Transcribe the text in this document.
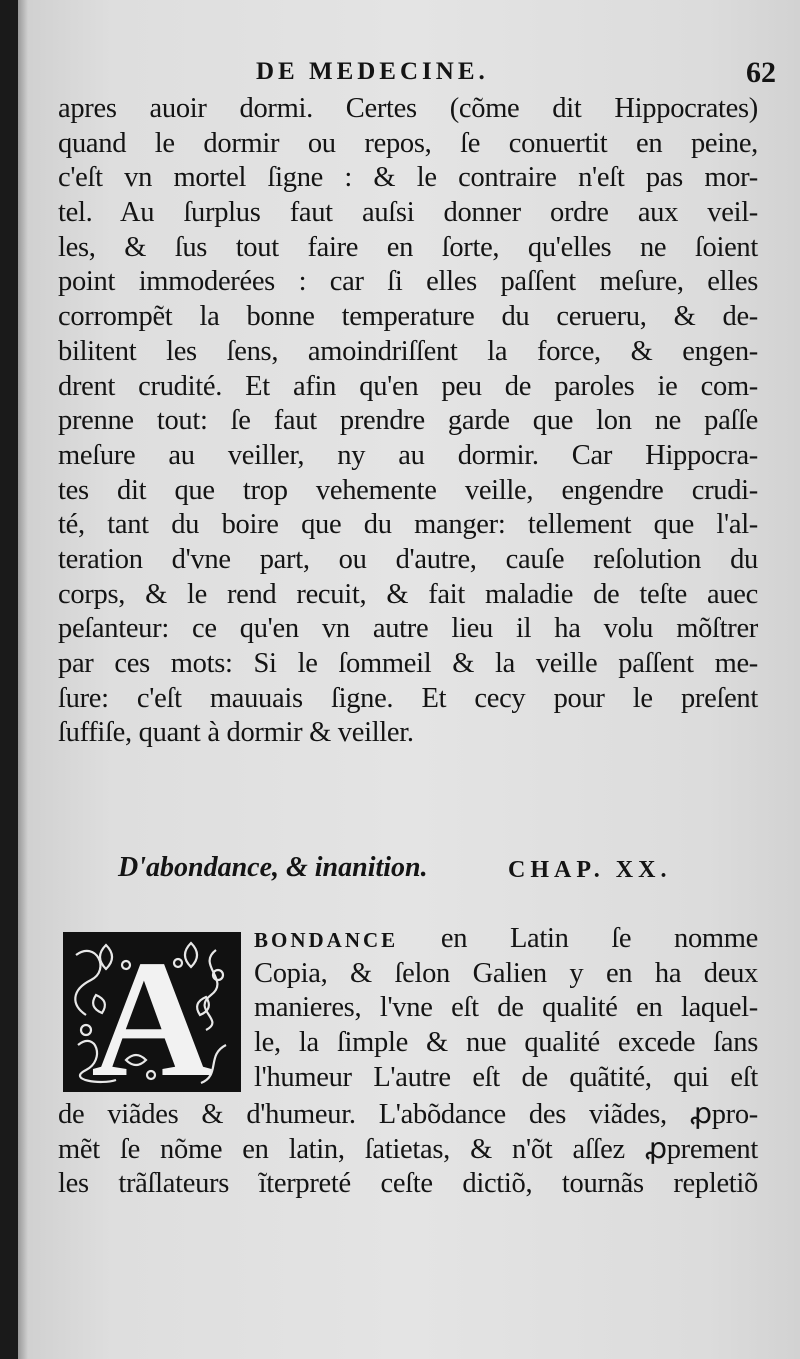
DE MEDECINE.	62
apres auoir dormi. Certes (cõme dit Hippocrates)
quand le dormir ou repos, ſe conuertit en peine,
c'eſt vn mortel ſigne : & le contraire n'eſt pas mor-
tel. Au ſurplus faut auſsi donner ordre aux veil-
les, & ſus tout faire en ſorte, qu'elles ne ſoient
point immoderées : car ſi elles paſſent meſure, elles
corrompẽt la bonne temperature du cerueru, & de-
bilitent les ſens, amoindriſſent la force, & engen-
drent crudité. Et afin qu'en peu de paroles ie com-
prenne tout: ſe faut prendre garde que lon ne paſſe
meſure au veiller, ny au dormir. Car Hippocra-
tes dit que trop vehemente veille, engendre crudi-
té, tant du boire que du manger: tellement que l'al-
teration d'vne part, ou d'autre, cauſe reſolution du
corps, & le rend recuit, & fait maladie de teſte auec
peſanteur: ce qu'en vn autre lieu il ha volu mõſtrer
par ces mots: Si le ſommeil & la veille paſſent me-
ſure: c'eſt mauuais ſigne. Et cecy pour le preſent
ſuffiſe, quant à dormir & veiller.
D'abondance, & inanition.	CHAP. XX.
A	BONDANCE en Latin ſe nomme
Copia, & ſelon Galien y en ha deux
manieres, l'vne eſt de qualité en laquel-
le, la ſimple & nue qualité excede ſans
l'humeur L'autre eſt de quãtité, qui eſt
de viãdes & d'humeur. L'abõdance des viãdes, ꝓpro-
mẽt ſe nõme en latin, ſatietas, & n'õt aſſez ꝓprement
les trãſlateurs ĩterpreté ceſte dictiõ, tournãs repletiõ
